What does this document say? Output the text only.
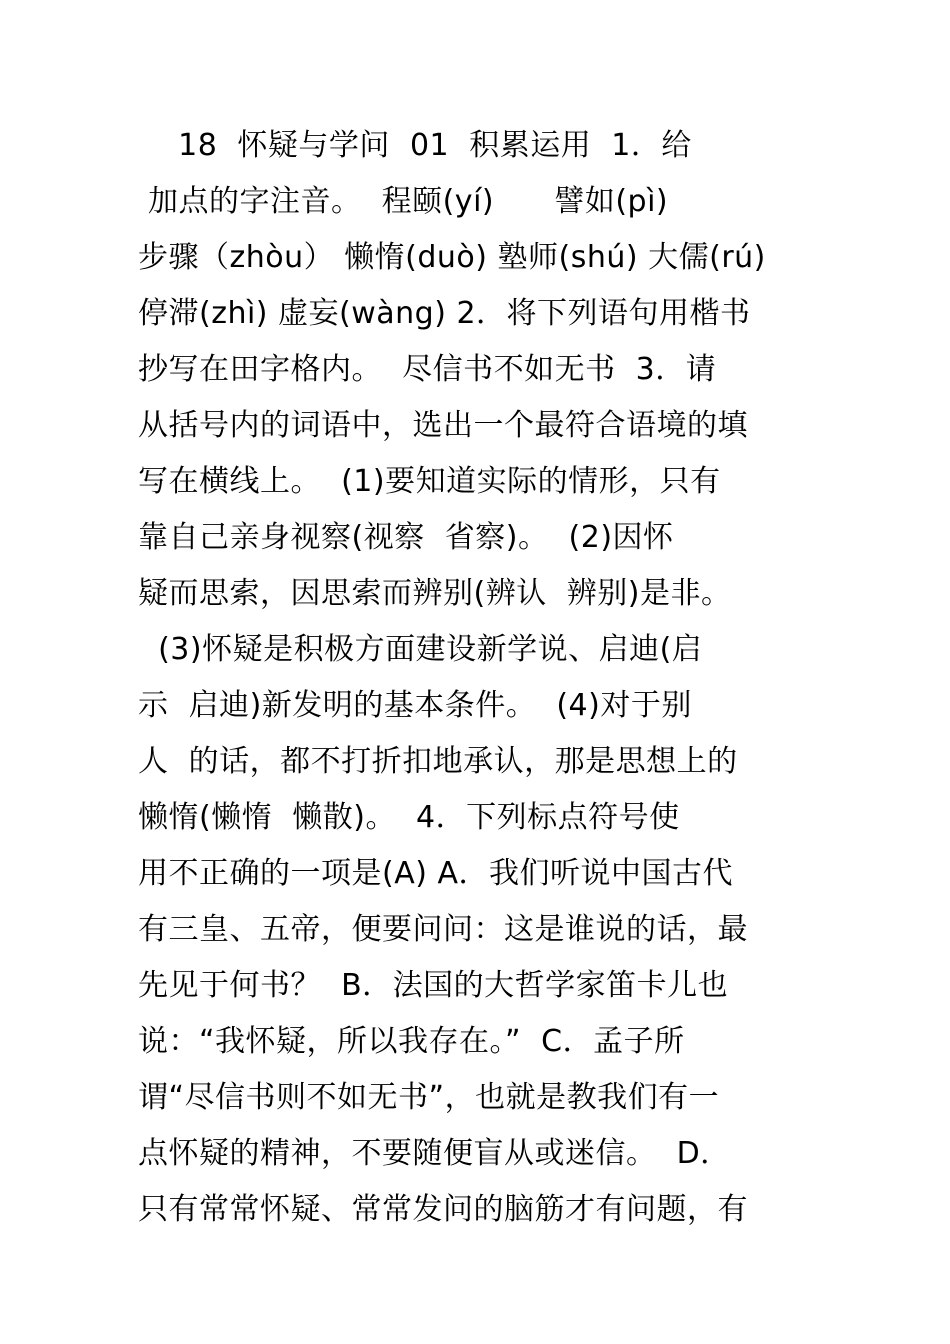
18  怀疑与学问  01  积累运用  1．给
加点的字注音。  程颐(yí)      譬如(pì)
步骤（zhòu） 懒惰(duò) 塾师(shú) 大儒(rú)
停滞(zhì) 虚妄(wàng) 2．将下列语句用楷书
抄写在田字格内。  尽信书不如无书  3．请
从括号内的词语中，选出一个最符合语境的填
写在横线上。  (1)要知道实际的情形，只有
靠自己亲身视察(视察  省察)。  (2)因怀
疑而思索，因思索而辨别(辨认  辨别)是非。
(3)怀疑是积极方面建设新学说、启迪(启
示  启迪)新发明的基本条件。  (4)对于别
人  的话，都不打折扣地承认，那是思想上的
懒惰(懒惰  懒散)。  4．下列标点符号使
用不正确的一项是(A) A．我们听说中国古代
有三皇、五帝，便要问问：这是谁说的话，最
先见于何书？  B．法国的大哲学家笛卡儿也
说：“我怀疑，所以我存在。”  C．孟子所
谓“尽信书则不如无书”，也就是教我们有一
点怀疑的精神，不要随便盲从或迷信。  D．
只有常常怀疑、常常发问的脑筋才有问题，有
